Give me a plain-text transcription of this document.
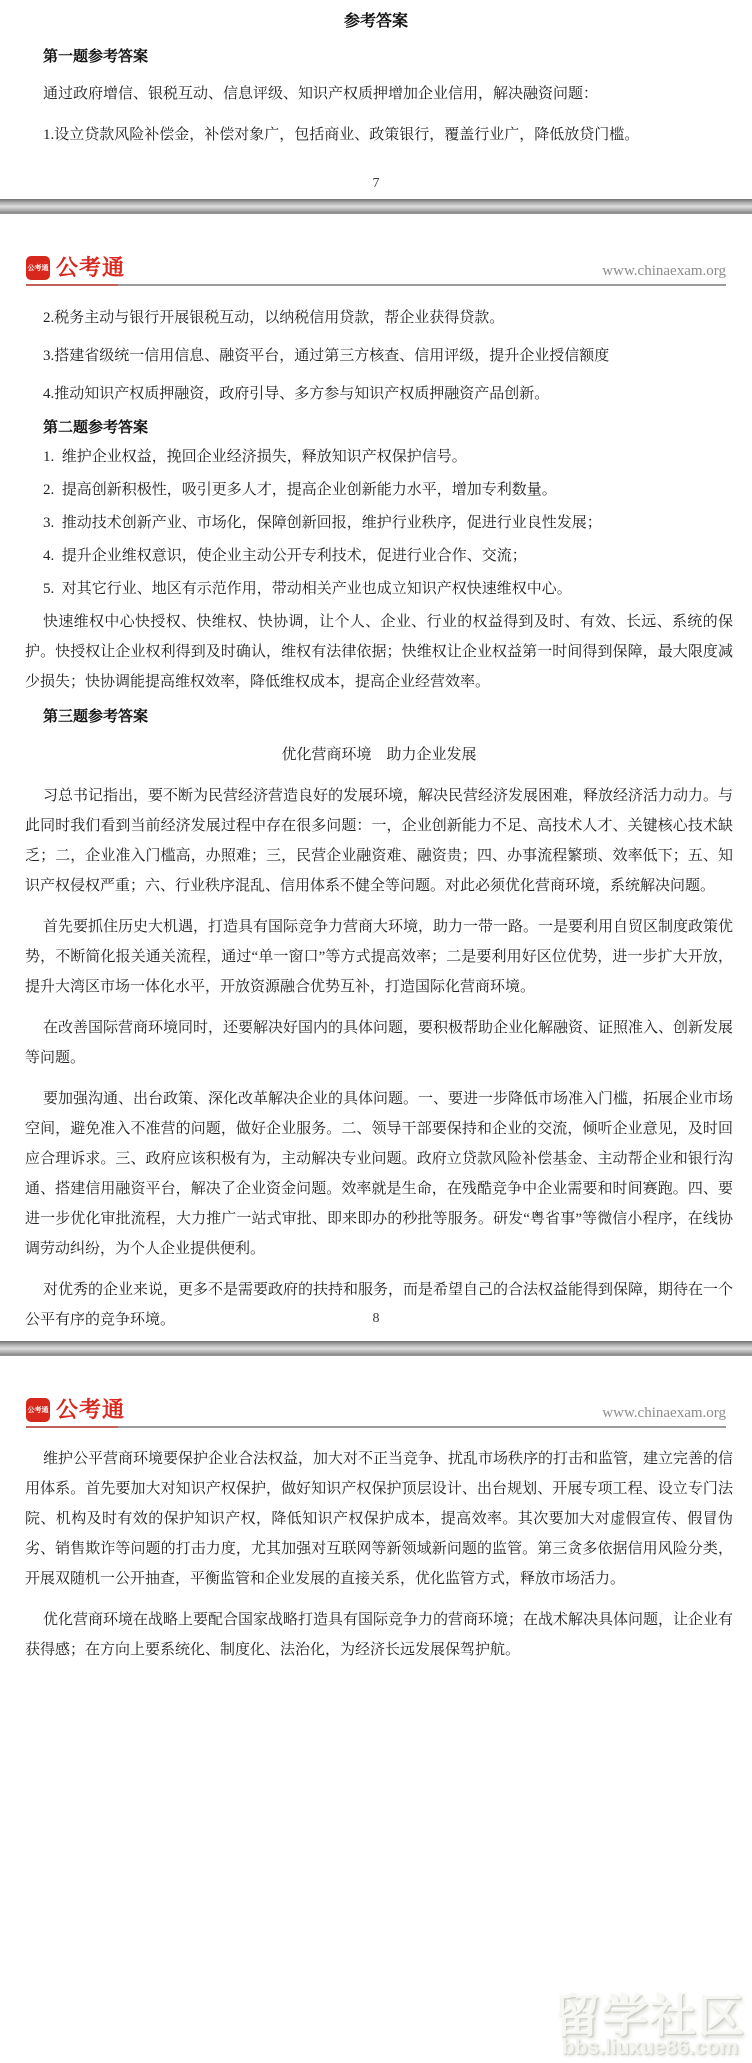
参考答案
第一题参考答案
通过政府增信、银税互动、信息评级、知识产权质押增加企业信用，解决融资问题：
1.设立贷款风险补偿金，补偿对象广，包括商业、政策银行，覆盖行业广，降低放贷门槛。
7
公考通 公考通	www.chinaexam.org
2.税务主动与银行开展银税互动，以纳税信用贷款，帮企业获得贷款。
3.搭建省级统一信用信息、融资平台，通过第三方核查、信用评级，提升企业授信额度
4.推动知识产权质押融资，政府引导、多方参与知识产权质押融资产品创新。
第二题参考答案
1.  维护企业权益，挽回企业经济损失，释放知识产权保护信号。
2.  提高创新积极性，吸引更多人才，提高企业创新能力水平，增加专利数量。
3.  推动技术创新产业、市场化，保障创新回报，维护行业秩序，促进行业良性发展；
4.  提升企业维权意识，使企业主动公开专利技术，促进行业合作、交流；
5.  对其它行业、地区有示范作用，带动相关产业也成立知识产权快速维权中心。
快速维权中心快授权、快维权、快协调，让个人、企业、行业的权益得到及时、有效、长远、系统的保护。快授权让企业权利得到及时确认，维权有法律依据；快维权让企业权益第一时间得到保障，最大限度减少损失；快协调能提高维权效率，降低维权成本，提高企业经营效率。
第三题参考答案
优化营商环境　助力企业发展
习总书记指出，要不断为民营经济营造良好的发展环境，解决民营经济发展困难，释放经济活力动力。与此同时我们看到当前经济发展过程中存在很多问题：一，企业创新能力不足、高技术人才、关键核心技术缺乏；二，企业准入门槛高，办照难；三，民营企业融资难、融资贵；四、办事流程繁琐、效率低下；五、知识产权侵权严重；六、行业秩序混乱、信用体系不健全等问题。对此必须优化营商环境，系统解决问题。
首先要抓住历史大机遇，打造具有国际竞争力营商大环境，助力一带一路。一是要利用自贸区制度政策优势，不断简化报关通关流程，通过“单一窗口”等方式提高效率；二是要利用好区位优势，进一步扩大开放，提升大湾区市场一体化水平，开放资源融合优势互补，打造国际化营商环境。
在改善国际营商环境同时，还要解决好国内的具体问题，要积极帮助企业化解融资、证照准入、创新发展等问题。
要加强沟通、出台政策、深化改革解决企业的具体问题。一、要进一步降低市场准入门槛，拓展企业市场空间，避免准入不准营的问题，做好企业服务。二、领导干部要保持和企业的交流，倾听企业意见，及时回应合理诉求。三、政府应该积极有为，主动解决专业问题。政府立贷款风险补偿基金、主动帮企业和银行沟通、搭建信用融资平台，解决了企业资金问题。效率就是生命，在残酷竞争中企业需要和时间赛跑。四、要进一步优化审批流程，大力推广一站式审批、即来即办的秒批等服务。研发“粤省事”等微信小程序，在线协调劳动纠纷，为个人企业提供便利。
对优秀的企业来说，更多不是需要政府的扶持和服务，而是希望自己的合法权益能得到保障，期待在一个公平有序的竞争环境。	8
公考通 公考通	www.chinaexam.org
维护公平营商环境要保护企业合法权益，加大对不正当竞争、扰乱市场秩序的打击和监管，建立完善的信用体系。首先要加大对知识产权保护，做好知识产权保护顶层设计、出台规划、开展专项工程、设立专门法院、机构及时有效的保护知识产权，降低知识产权保护成本，提高效率。其次要加大对虚假宣传、假冒伪劣、销售欺诈等问题的打击力度，尤其加强对互联网等新领域新问题的监管。第三贪多依据信用风险分类，开展双随机一公开抽查，平衡监管和企业发展的直接关系，优化监管方式，释放市场活力。
优化营商环境在战略上要配合国家战略打造具有国际竞争力的营商环境；在战术解决具体问题，让企业有获得感；在方向上要系统化、制度化、法治化，为经济长远发展保驾护航。
留学社区
bbs.liuxue86.com
